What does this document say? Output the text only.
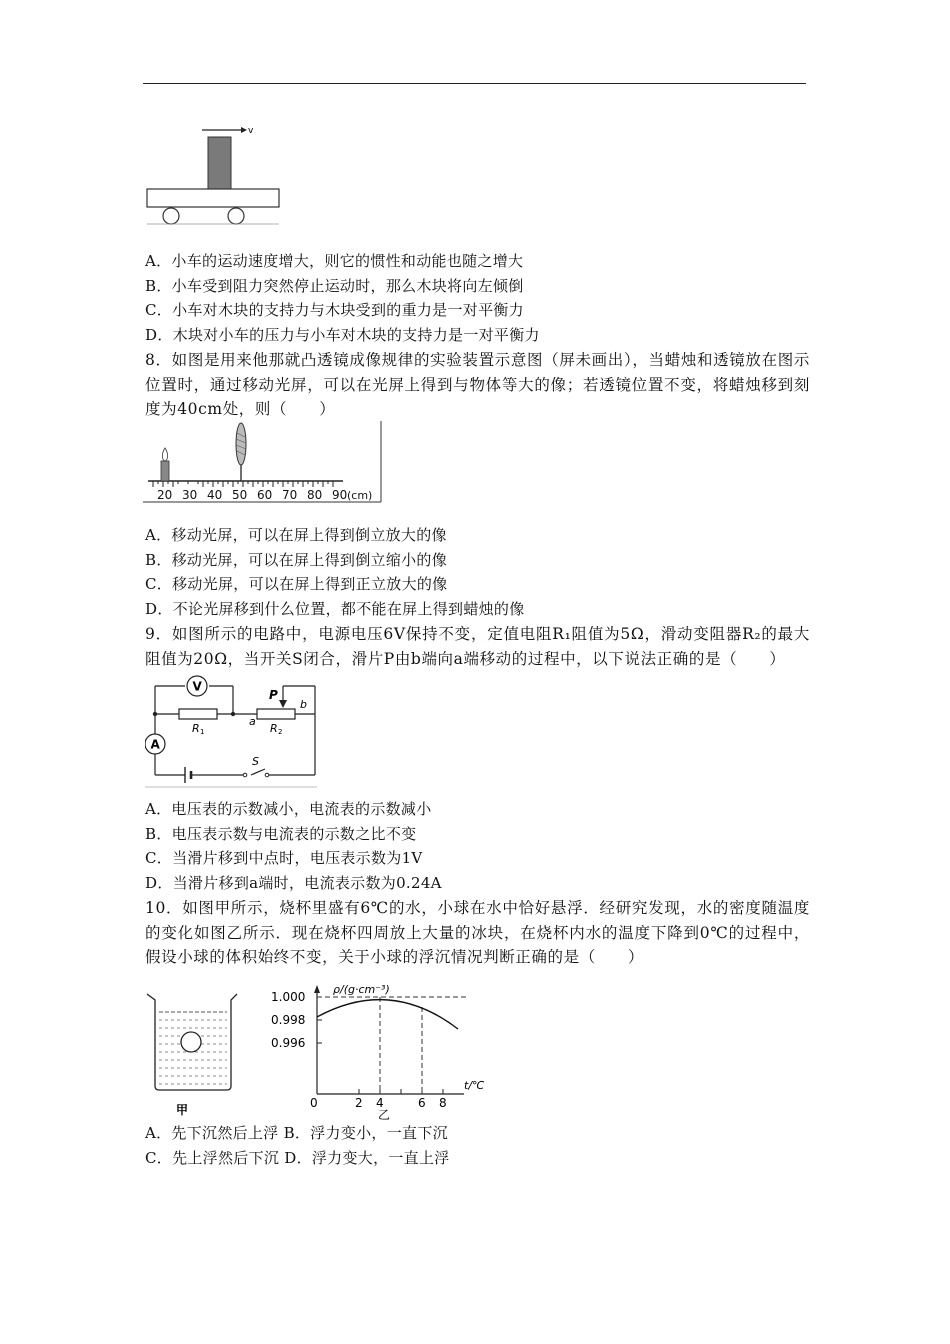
v
A．小车的运动速度增大，则它的惯性和动能也随之增大
B．小车受到阻力突然停止运动时，那么木块将向左倾倒
C．小车对木块的支持力与木块受到的重力是一对平衡力
D．木块对小车的压力与小车对木块的支持力是一对平衡力
8．如图是用来他那就凸透镜成像规律的实验装置示意图（屏未画出），当蜡烛和透镜放在图示位置时，通过移动光屏，可以在光屏上得到与物体等大的像；若透镜位置不变，将蜡烛移到刻度为40cm处，则（　　）
20 30 40 50 60 70 80 90 (cm)
A．移动光屏，可以在屏上得到倒立放大的像
B．移动光屏，可以在屏上得到倒立缩小的像
C．移动光屏，可以在屏上得到正立放大的像
D．不论光屏移到什么位置，都不能在屏上得到蜡烛的像
9．如图所示的电路中，电源电压6V保持不变，定值电阻R₁阻值为5Ω，滑动变阻器R₂的最大阻值为20Ω，当开关S闭合，滑片P由b端向a端移动的过程中，以下说法正确的是（　　）
V
A
R 1	R 2
P
a
b
S
A．电压表的示数减小，电流表的示数减小
B．电压表示数与电流表的示数之比不变
C．当滑片移到中点时，电压表示数为1V
D．当滑片移到a端时，电流表示数为0.24A
10．如图甲所示，烧杯里盛有6℃的水，小球在水中恰好悬浮．经研究发现，水的密度随温度的变化如图乙所示．现在烧杯四周放上大量的冰块，在烧杯内水的温度下降到0℃的过程中，假设小球的体积始终不变，关于小球的浮沉情况判断正确的是（　　）
甲
ρ/(g·cm⁻³)
1.000
0.998
0.996
0	2 4	6 8
t/℃
乙
A．先下沉然后上浮 B．浮力变小，一直下沉
C．先上浮然后下沉 D．浮力变大，一直上浮
